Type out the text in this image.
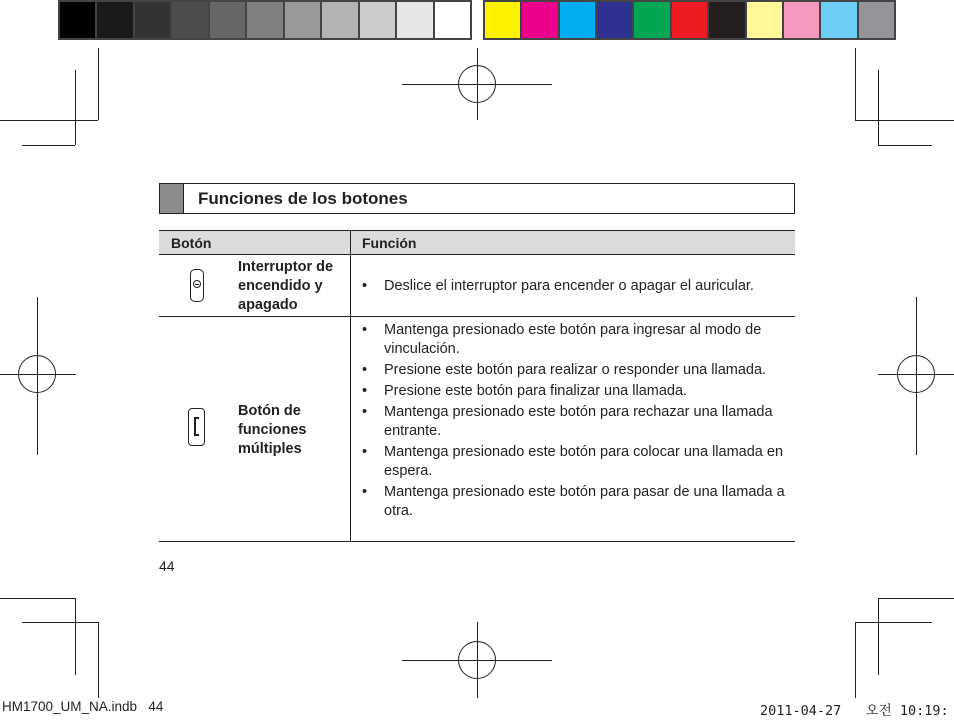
Funciones de los botones
Botón	Función
Interruptor de encendido y apagado
• Deslice el interruptor para encender o apagar el auricular.
Botón de funciones múltiples
• Mantenga presionado este botón para ingresar al modo de vinculación.
• Presione este botón para realizar o responder una llamada.
• Presione este botón para finalizar una llamada.
• Mantenga presionado este botón para rechazar una llamada entrante.
• Mantenga presionado este botón para colocar una llamada en espera.
• Mantenga presionado este botón para pasar de una llamada a otra.
44
HM1700_UM_NA.indb   44	2011-04-27   오전 10:19:
